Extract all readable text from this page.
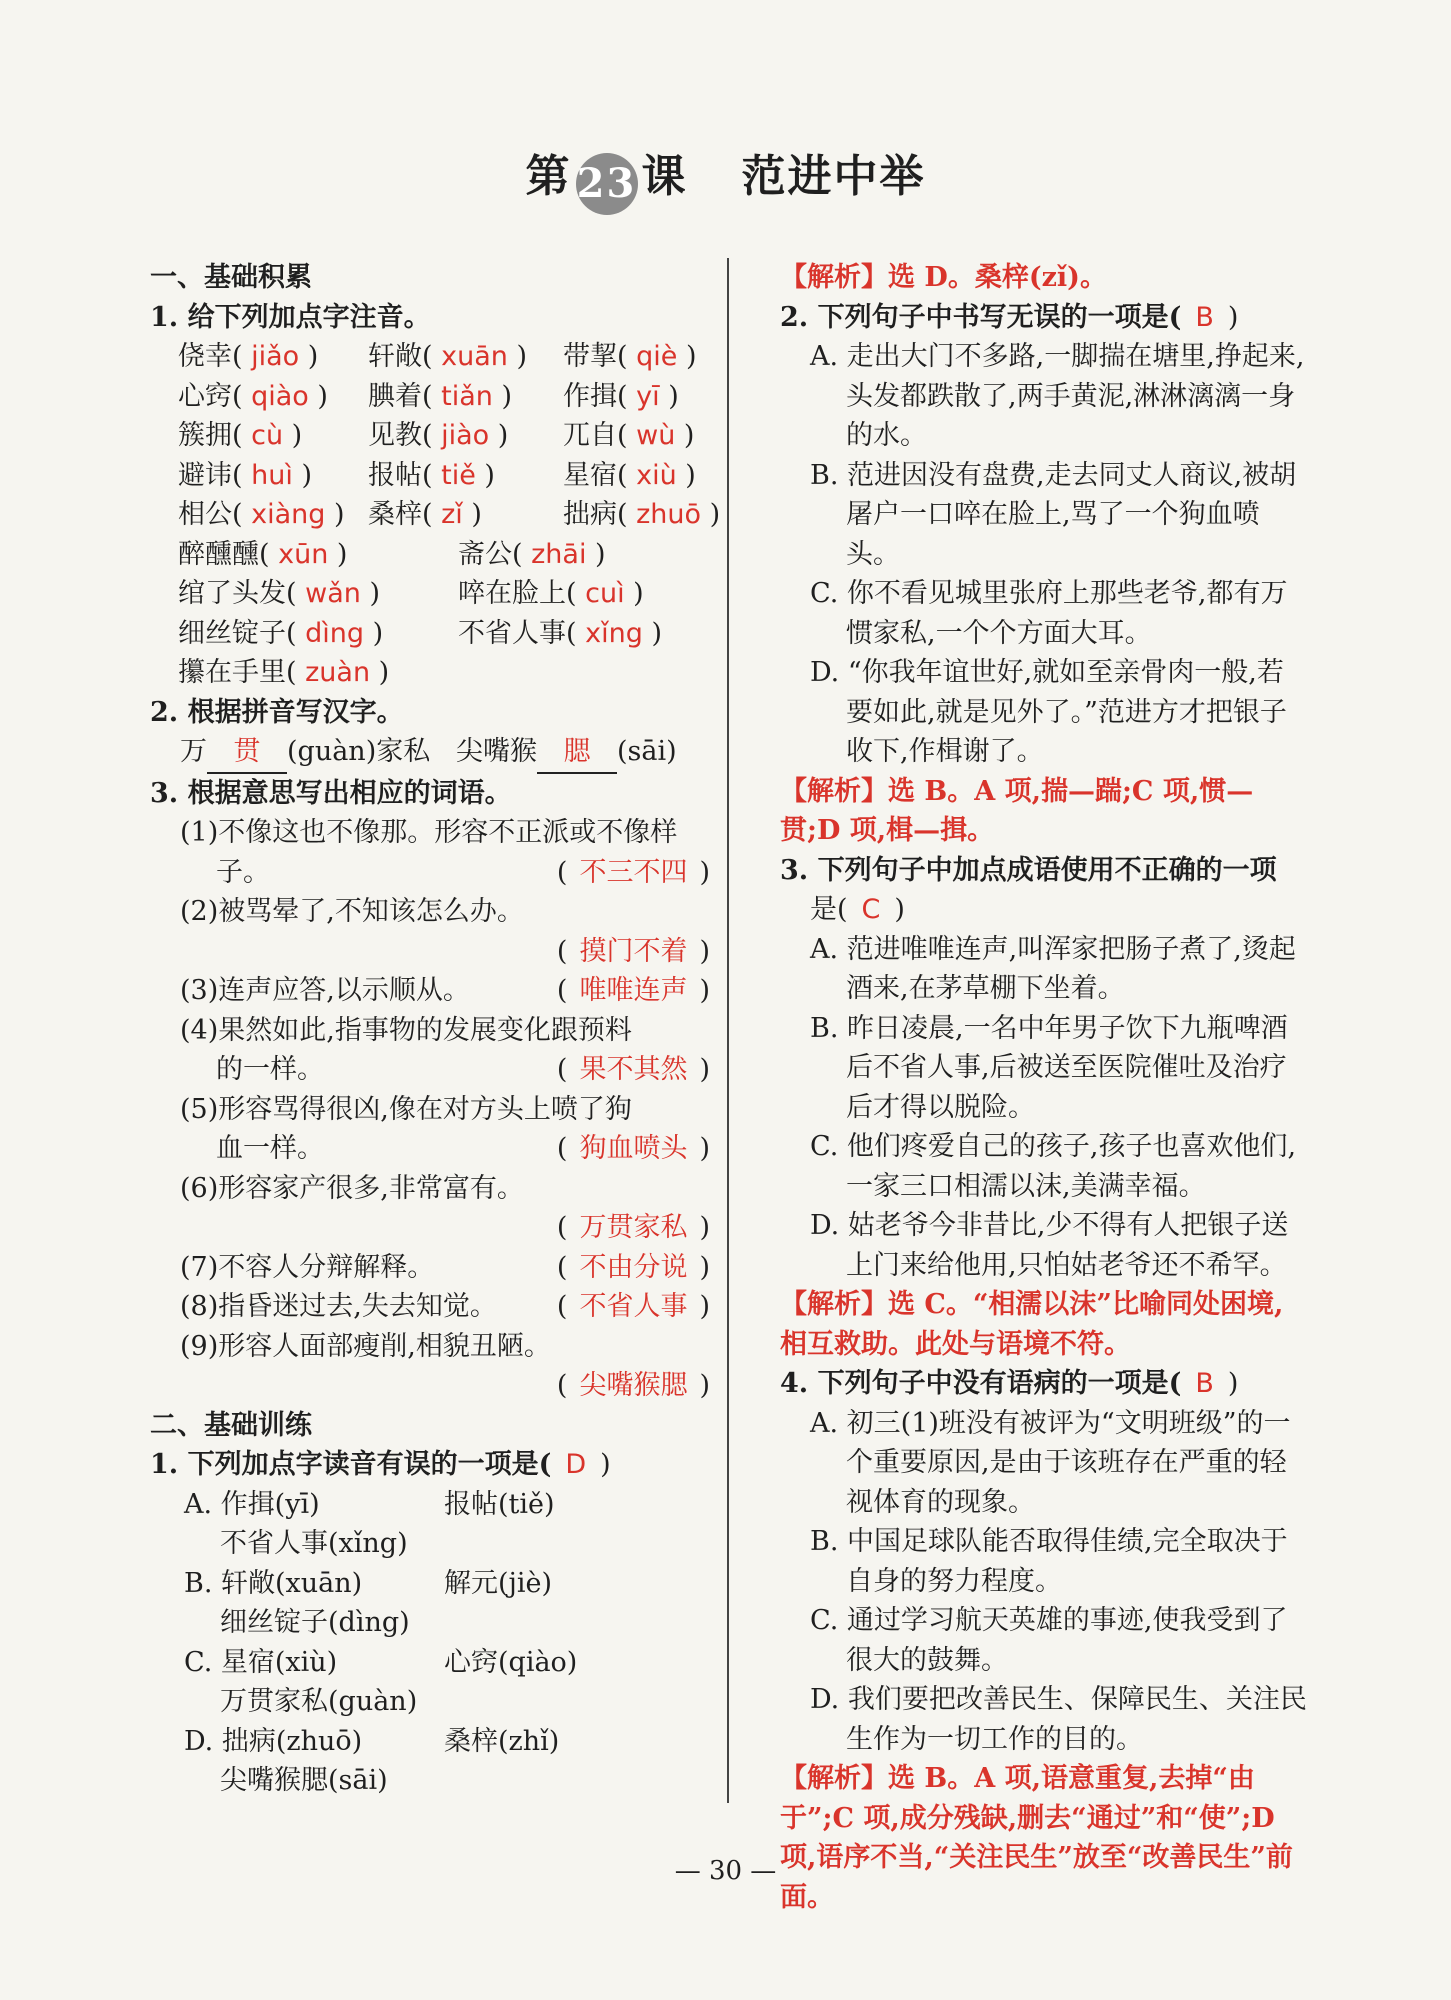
第 23 课 范进中举
一、基础积累
1. 给下列加点字注音。
侥幸( jiǎo )	轩敞( xuān )	带挈( qiè )
心窍( qiào )	腆着( tiǎn )	作揖( yī )
簇拥( cù )	见教( jiào )	兀自( wù )
避讳( huì )	报帖( tiě )	星宿( xiù )
相公( xiàng ) 桑梓( zǐ )	拙病( zhuō )
醉醺醺( xūn )	斋公( zhāi )
绾了头发( wǎn )	啐在脸上( cuì )
细丝锭子( dìng )	不省人事( xǐng )
攥在手里( zuàn )
2. 根据拼音写汉字。
万 贯 (guàn)家私 尖嘴猴 腮 (sāi)
3. 根据意思写出相应的词语。
(1)不像这也不像那。形容不正派或不像样
子。	( 不三不四 )
(2)被骂晕了,不知该怎么办。
( 摸门不着 )
(3)连声应答,以示顺从。	( 唯唯连声 )
(4)果然如此,指事物的发展变化跟预料
的一样。	( 果不其然 )
(5)形容骂得很凶,像在对方头上喷了狗
血一样。	( 狗血喷头 )
(6)形容家产很多,非常富有。
( 万贯家私 )
(7)不容人分辩解释。	( 不由分说 )
(8)指昏迷过去,失去知觉。 ( 不省人事 )
(9)形容人面部瘦削,相貌丑陋。
( 尖嘴猴腮 )
二、基础训练
1. 下列加点字读音有误的一项是( D )
A. 作揖(yī)	报帖(tiě)
不省人事(xǐng)
B. 轩敞(xuān)	解元(jiè)
细丝锭子(dìng)
C. 星宿(xiù)	心窍(qiào)
万贯家私(guàn)
D. 拙病(zhuō)	桑梓(zhǐ)
尖嘴猴腮(sāi)
【解析】选 D。桑梓(zǐ)。
2. 下列句子中书写无误的一项是( B )
A. 走出大门不多路,一脚揣在塘里,挣起来,头发都跌散了,两手黄泥,淋淋漓漓一身的水。
B. 范进因没有盘费,走去同丈人商议,被胡屠户一口啐在脸上,骂了一个狗血喷头。
C. 你不看见城里张府上那些老爷,都有万惯家私,一个个方面大耳。
D. “你我年谊世好,就如至亲骨肉一般,若要如此,就是见外了。”范进方才把银子收下,作楫谢了。
【解析】选 B。A 项,揣—踹;C 项,惯—贯;D 项,楫—揖。
3. 下列句子中加点成语使用不正确的一项
是( C )
A. 范进唯唯连声,叫浑家把肠子煮了,烫起酒来,在茅草棚下坐着。
B. 昨日凌晨,一名中年男子饮下九瓶啤酒后不省人事,后被送至医院催吐及治疗后才得以脱险。
C. 他们疼爱自己的孩子,孩子也喜欢他们,一家三口相濡以沫,美满幸福。
D. 姑老爷今非昔比,少不得有人把银子送上门来给他用,只怕姑老爷还不希罕。
【解析】选 C。“相濡以沫”比喻同处困境,相互救助。此处与语境不符。
4. 下列句子中没有语病的一项是( B )
A. 初三(1)班没有被评为“文明班级”的一个重要原因,是由于该班存在严重的轻视体育的现象。
B. 中国足球队能否取得佳绩,完全取决于自身的努力程度。
C. 通过学习航天英雄的事迹,使我受到了很大的鼓舞。
D. 我们要把改善民生、保障民生、关注民生作为一切工作的目的。
【解析】选 B。A 项,语意重复,去掉“由于”;C 项,成分残缺,删去“通过”和“使”;D 项,语序不当,“关注民生”放至“改善民生”前面。
— 30 —
